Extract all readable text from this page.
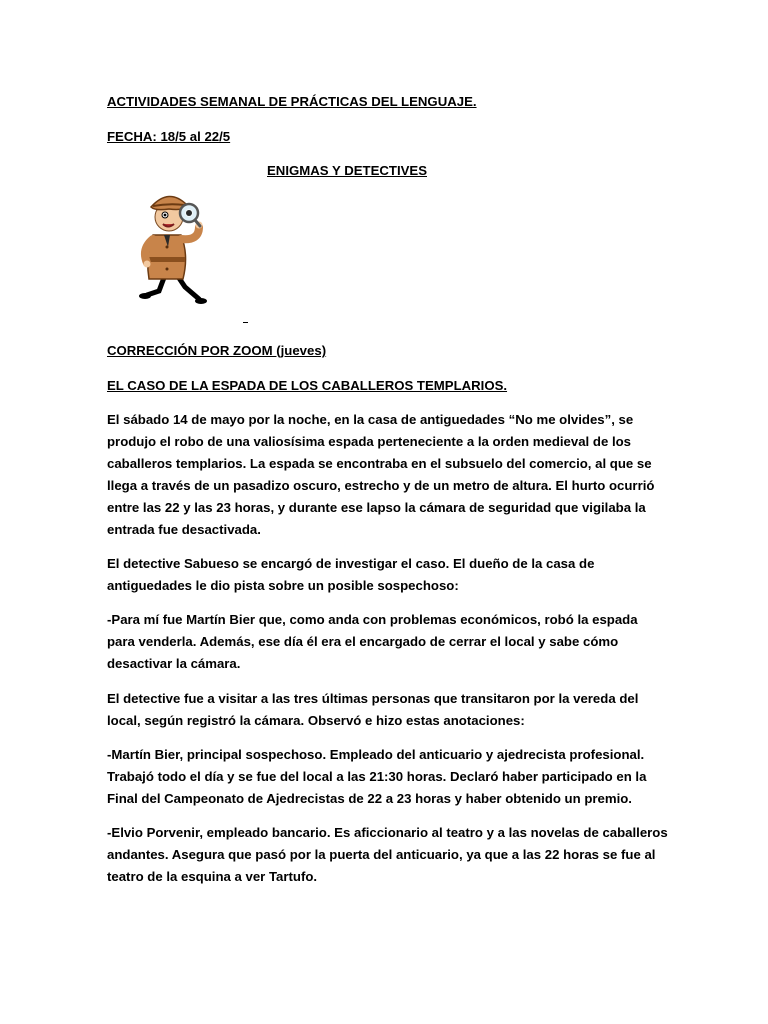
ACTIVIDADES SEMANAL DE PRÁCTICAS DEL LENGUAJE.
FECHA: 18/5 al 22/5
ENIGMAS Y DETECTIVES
CORRECCIÓN POR ZOOM (jueves)
EL CASO DE LA ESPADA DE LOS CABALLEROS TEMPLARIOS.
El sábado 14 de mayo por la noche, en la casa de antiguedades “No me olvides”, se
produjo el robo de una valiosísima espada perteneciente a la orden medieval de los
caballeros templarios. La espada se encontraba en el subsuelo del comercio, al que se
llega a través de un pasadizo oscuro, estrecho y de un metro de altura. El hurto ocurrió
entre las 22 y las 23 horas, y durante ese lapso la cámara de seguridad que vigilaba la
entrada fue desactivada.
El detective Sabueso se encargó de investigar el caso. El dueño de la casa de
antiguedades le dio pista sobre un posible sospechoso:
-Para mí fue Martín Bier que, como anda con problemas económicos, robó la espada
para venderla. Además, ese día él era el encargado de cerrar el local y sabe cómo
desactivar la cámara.
El detective fue a visitar a las tres últimas personas que transitaron por la vereda del
local, según registró la cámara. Observó e hizo estas anotaciones:
-Martín Bier, principal sospechoso. Empleado del anticuario y ajedrecista profesional.
Trabajó todo el día y se fue del local a las 21:30 horas. Declaró haber participado en la
Final del Campeonato de Ajedrecistas de 22 a 23 horas y haber obtenido un premio.
-Elvio Porvenir, empleado bancario. Es aficcionario al teatro y a las novelas de caballeros
andantes. Asegura que pasó por la puerta del anticuario, ya que a las 22 horas se fue al
teatro de la esquina a ver Tartufo.
